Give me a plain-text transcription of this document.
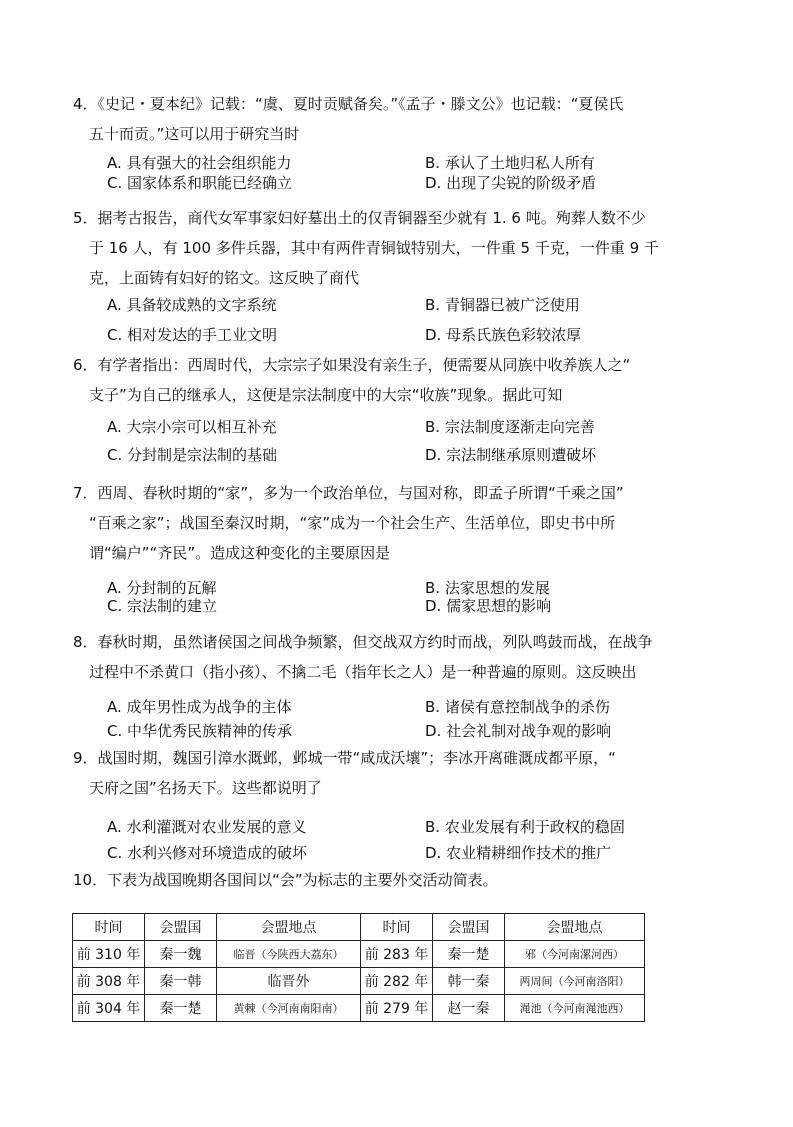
4．《史记・夏本纪》记载：“虞、夏时贡赋备矣。”《孟子・滕文公》也记载：“夏侯氏
五十而贡。”这可以用于研究当时
A. 具有强大的社会组织能力	B. 承认了土地归私人所有
C. 国家体系和职能已经确立	D. 出现了尖锐的阶级矛盾
5．据考古报告，商代女军事家妇好墓出土的仅青铜器至少就有 1. 6 吨。殉葬人数不少
于 16 人，有 100 多件兵器，其中有两件青铜钺特别大，一件重 5 千克，一件重 9 千
克，上面铸有妇好的铭文。这反映了商代
A. 具备较成熟的文字系统	B. 青铜器已被广泛使用
C. 相对发达的手工业文明	D. 母系氏族色彩较浓厚
6．有学者指出：西周时代，大宗宗子如果没有亲生子，便需要从同族中收养族人之“
支子”为自己的继承人，这便是宗法制度中的大宗“收族”现象。据此可知
A. 大宗小宗可以相互补充	B. 宗法制度逐渐走向完善
C. 分封制是宗法制的基础	D. 宗法制继承原则遭破坏
7．西周、春秋时期的“家”，多为一个政治单位，与国对称，即孟子所谓“千乘之国”
“百乘之家”；战国至秦汉时期，“家”成为一个社会生产、生活单位，即史书中所
谓“编户”“齐民”。造成这种变化的主要原因是
A. 分封制的瓦解	B. 法家思想的发展
C. 宗法制的建立	D. 儒家思想的影响
8．春秋时期，虽然诸侯国之间战争频繁，但交战双方约时而战，列队鸣鼓而战，在战争
过程中不杀黄口（指小孩）、不擒二毛（指年长之人）是一种普遍的原则。这反映出
A. 成年男性成为战争的主体	B. 诸侯有意控制战争的杀伤
C. 中华优秀民族精神的传承	D. 社会礼制对战争观的影响
9．战国时期，魏国引漳水溉邺，邺城一带“咸成沃壤”；李冰开离碓溉成都平原，“
天府之国”名扬天下。这些都说明了
A. 水利灌溉对农业发展的意义	B. 农业发展有利于政权的稳固
C. 水利兴修对环境造成的破坏	D. 农业精耕细作技术的推广
10．下表为战国晚期各国间以“会”为标志的主要外交活动简表。
时间	会盟国	会盟地点	时间	会盟国	会盟地点
前 310 年	秦一魏	临晋（今陕西大荔东）	前 283 年	秦一楚	邪（今河南漯河西）
前 308 年	秦一韩	临晋外	前 282 年	韩一秦	两周间（今河南洛阳）
前 304 年	秦一楚	黄棘（今河南南阳南）	前 279 年	赵一秦	渑池（今河南渑池西）
